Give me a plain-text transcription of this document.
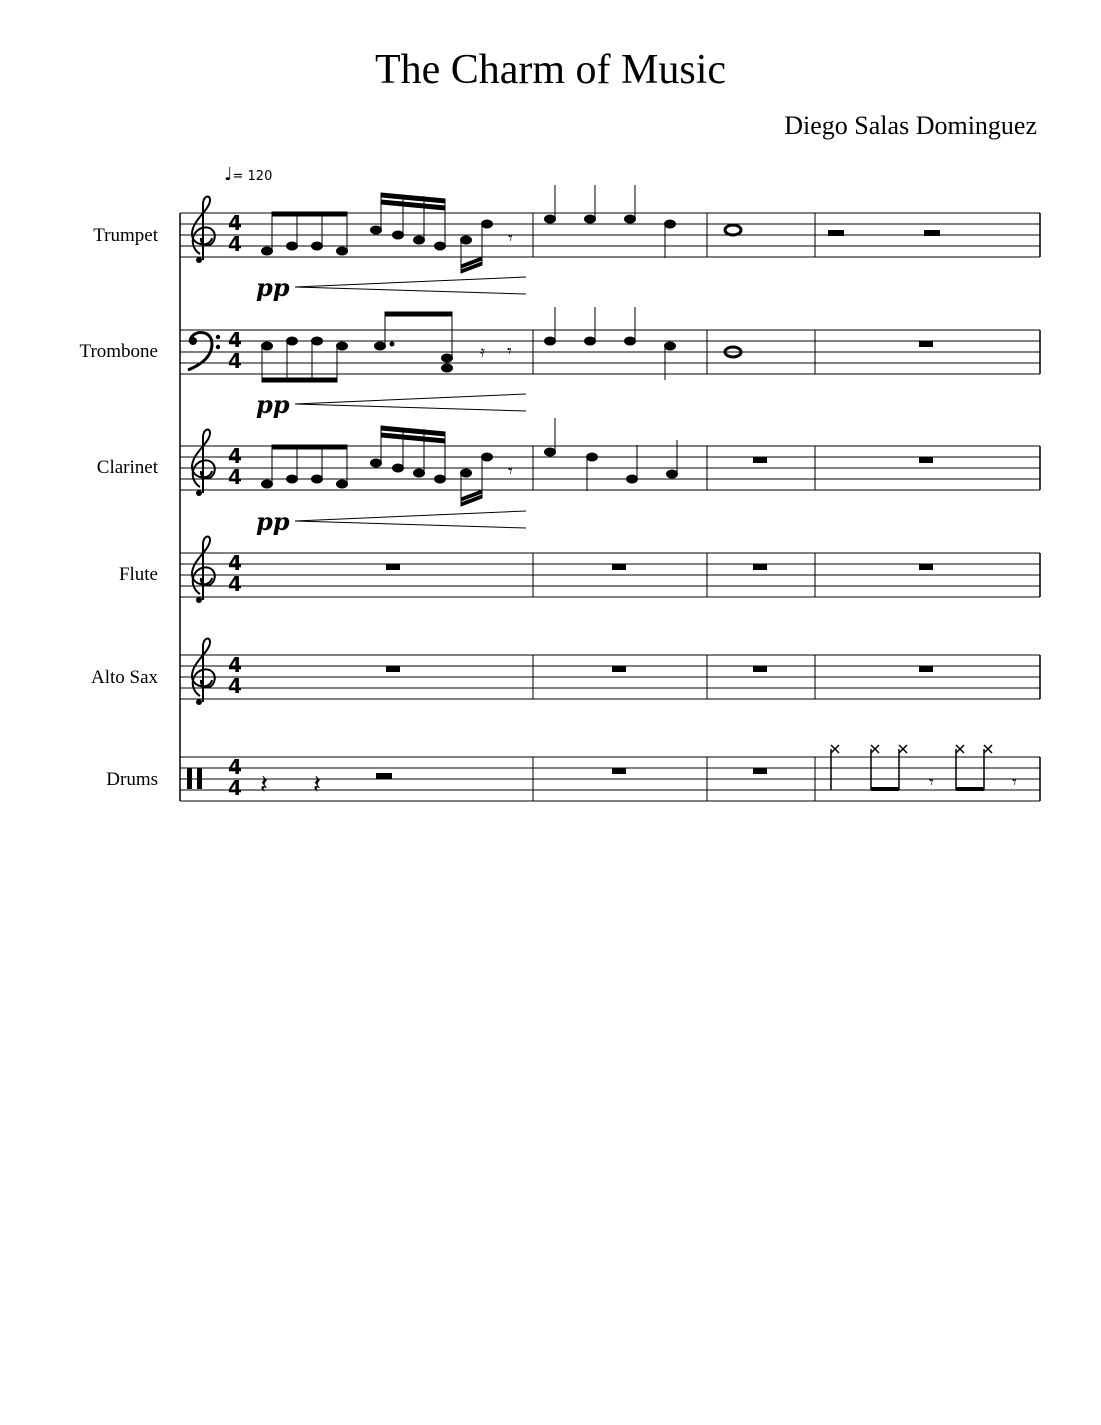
The Charm of Music
Diego Salas Dominguez
♩= 120
Trumpet
Trombone
Clarinet
Flute
Alto Sax
Drums
4
4	𝄾
pp
4
4	𝄿 𝄾
pp
4
4	𝄾
pp
4
4
4
4
4
4 𝄽 𝄽	𝄾	𝄾
